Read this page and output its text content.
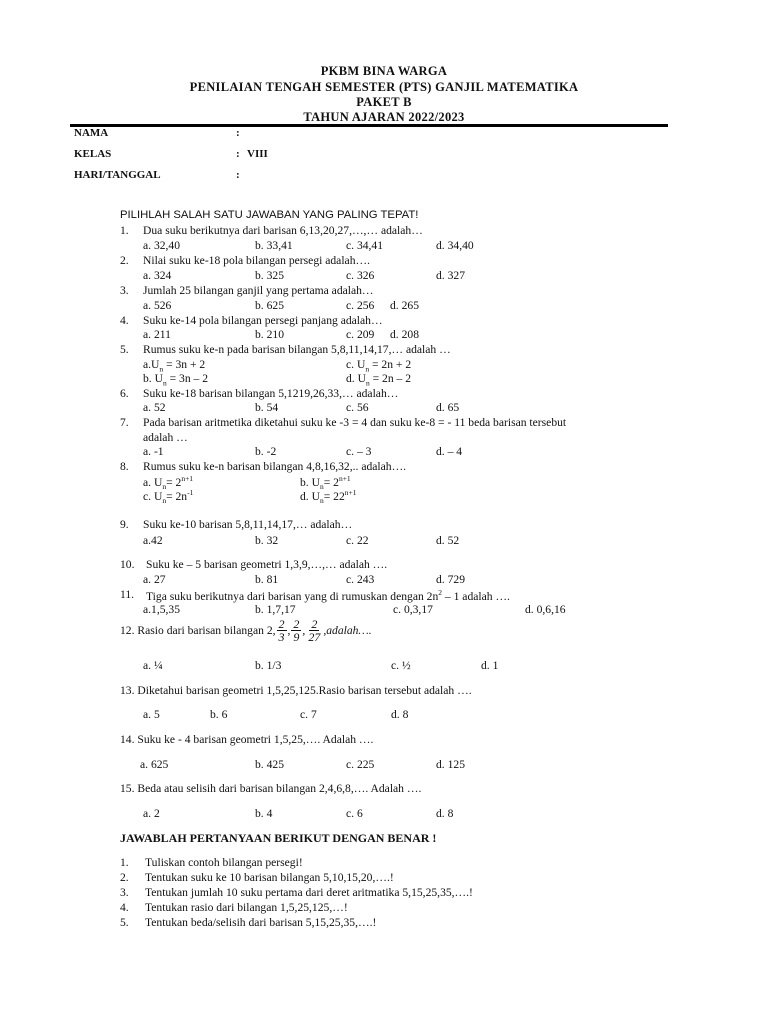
PKBM BINA WARGA
PENILAIAN TENGAH SEMESTER (PTS) GANJIL MATEMATIKA
PAKET B
TAHUN AJARAN 2022/2023
NAMA	:
KELAS	: VIII
HARI/TANGGAL	:
PILIHLAH SALAH SATU JAWABAN YANG PALING TEPAT!
1. Dua suku berikutnya dari barisan 6,13,20,27,…,… adalah…
a. 32,40	b. 33,41	c. 34,41	d. 34,40
2. Nilai suku ke-18 pola bilangan persegi adalah….
a. 324	b. 325	c. 326	d. 327
3. Jumlah 25 bilangan ganjil yang pertama adalah…
a. 526	b. 625	c. 256 d. 265
4. Suku ke-14 pola bilangan persegi panjang adalah…
a. 211	b. 210	c. 209 d. 208
5. Rumus suku ke-n pada barisan bilangan 5,8,11,14,17,… adalah …
$a.U_n = 3n + 2$	c. $U_n = 2n + 2$
b. $U_n = 3n - 2$	d. $U_n = 2n - 2$
6. Suku ke-18 barisan bilangan 5,1219,26,33,… adalah…
a. 52	b. 54	c. 56	d. 65
7. Pada barisan aritmetika diketahui suku ke -3 = 4 dan suku ke-8 = - 11 beda barisan tersebut
adalah …
a. -1	b. -2	c. – 3	d. – 4
8. Rumus suku ke-n barisan bilangan 4,8,16,32,.. adalah….
a. $U_n= 2^{n+1}$	b. $U_n= 2^{n+1}$
c. $U_n= 2n^{-1}$	d. $U_n= 22^{n+1}$
9. Suku ke-10 barisan 5,8,11,14,17,… adalah…
a.42	b. 32	c. 22	d. 52
10. Suku ke – 5 barisan geometri 1,3,9,…,… adalah ….
a. 27	b. 81	c. 243	d. 729
11. Tiga suku berikutnya dari barisan yang di rumuskan dengan $2n^2 - 1$ adalah ….
a.1,5,35	b. 1,7,17	c. 0,3,17	d. 0,6,16
12. Rasio dari barisan bilangan 2, $\frac{2}{3}$ , $\frac{2}{9}$ , $\frac{2}{27}$ ,adalah….
a. ¼	b. 1/3	c. ½	d. 1
13. Diketahui barisan geometri 1,5,25,125.Rasio barisan tersebut adalah ….
a. 5	b. 6	c. 7	d. 8
14. Suku ke - 4 barisan geometri 1,5,25,…. Adalah ….
a. 625	b. 425	c. 225	d. 125
15. Beda atau selisih dari barisan bilangan 2,4,6,8,…. Adalah ….
a. 2	b. 4	c. 6	d. 8
JAWABLAH PERTANYAAN BERIKUT DENGAN BENAR !
1. Tuliskan contoh bilangan persegi!
2. Tentukan suku ke 10 barisan bilangan 5,10,15,20,….!
3. Tentukan jumlah 10 suku pertama dari deret aritmatika 5,15,25,35,….!
4. Tentukan rasio dari bilangan 1,5,25,125,…!
5. Tentukan beda/selisih dari barisan 5,15,25,35,….!
